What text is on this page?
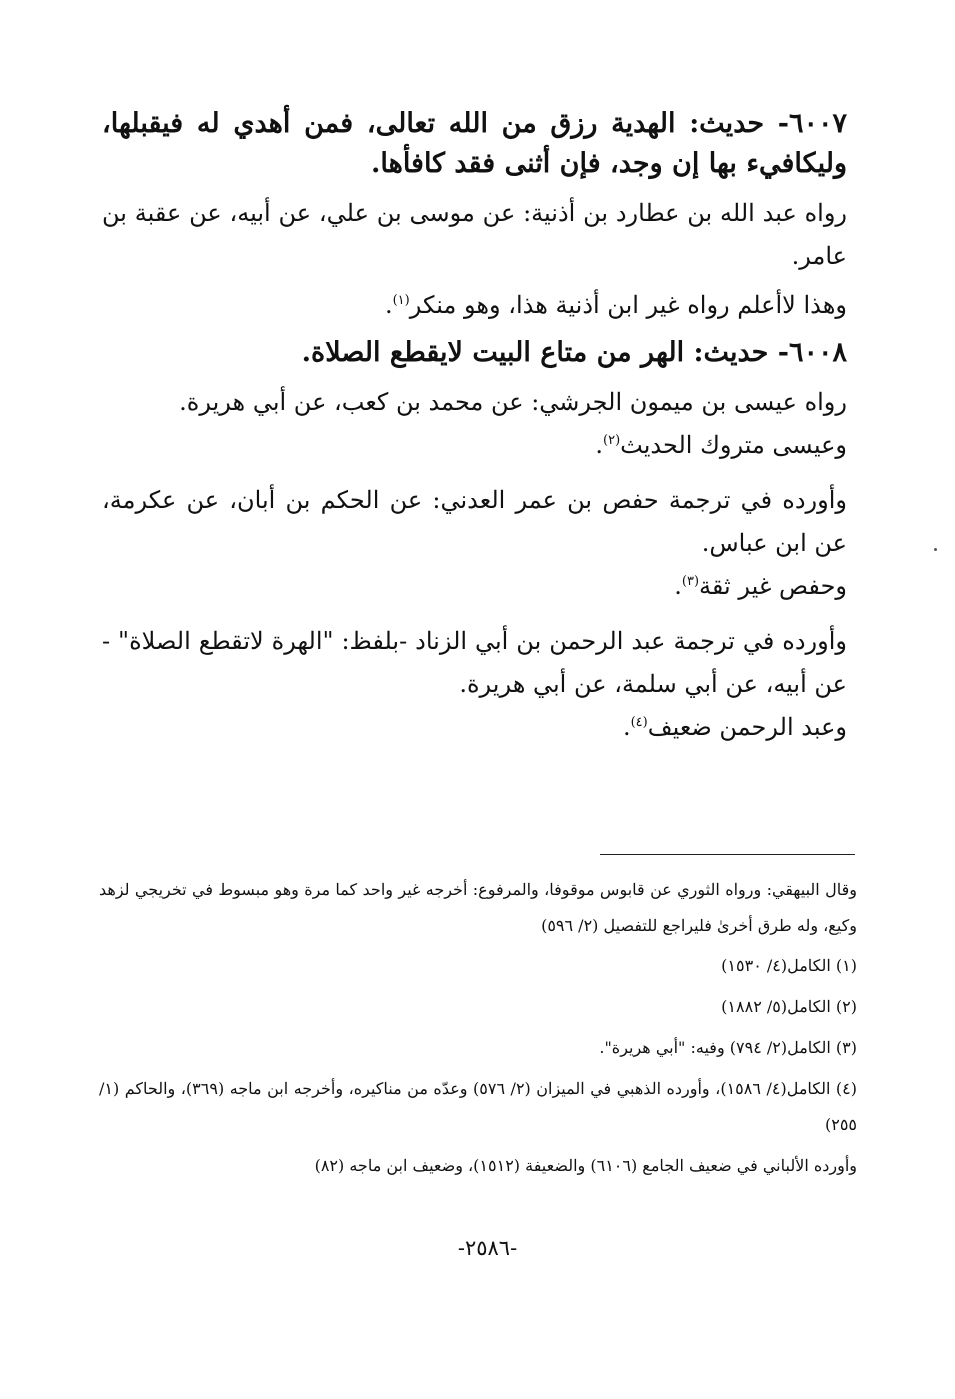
٦٠٠٧- حديث: الهدية رزق من الله تعالى، فمن أهدي له فيقبلها، وليكافيء بها إن وجد، فإن أثنى فقد كافأها.

رواه عبد الله بن عطارد بن أذنية: عن موسى بن علي، عن أبيه، عن عقبة بن عامر.

وهذا لاأعلم رواه غير ابن أذنية هذا، وهو منكر$^{(١)}$.

٦٠٠٨- حديث: الهر من متاع البيت لايقطع الصلاة.

رواه عيسى بن ميمون الجرشي: عن محمد بن كعب، عن أبي هريرة.

وعيسى متروك الحديث$^{(٢)}$.

وأورده في ترجمة حفص بن عمر العدني: عن الحكم بن أبان، عن عكرمة، عن ابن عباس.

وحفص غير ثقة$^{(٣)}$.

وأورده في ترجمة عبد الرحمن بن أبي الزناد -بلفظ: "الهرة لاتقطع الصلاة" - عن أبيه، عن أبي سلمة، عن أبي هريرة.

وعبد الرحمن ضعيف$^{(٤)}$.

وقال البيهقي: ورواه الثوري عن قابوس موقوفا، والمرفوع: أخرجه غير واحد كما مرة وهو مبسوط في تخريجي لزهد وكيع، وله طرق أخرىٰ فليراجع للتفصيل (٢/ ٥٩٦)

(١) الكامل(٤/ ١٥٣٠)

(٢) الكامل(٥/ ١٨٨٢)

(٣) الكامل(٢/ ٧٩٤) وفيه: "أبي هريرة".

(٤) الكامل(٤/ ١٥٨٦)، وأورده الذهبي في الميزان (٢/ ٥٧٦) وعدّه من مناكيره، وأخرجه ابن ماجه (٣٦٩)، والحاكم (١/ ٢٥٥)

وأورده الألباني في ضعيف الجامع (٦١٠٦) والضعيفة (١٥١٢)، وضعيف ابن ماجه (٨٢)

-٢٥٨٦-
